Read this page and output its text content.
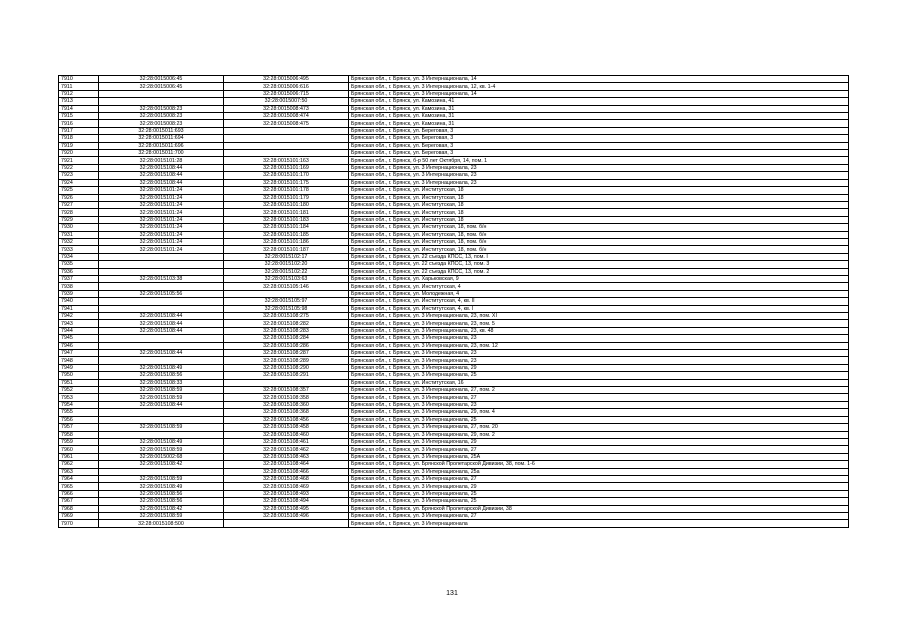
7910	32:28:0015006:45	32:28:0015006:495	Брянская обл., г. Брянск, ул. 3 Интернационала, 14
7911	32:28:0015006:45	32:28:0015006:616	Брянская обл., г. Брянск, ул. 3 Интернационала, 12, кв. 1-4
7912		32:28:0015006:715	Брянская обл., г. Брянск, ул. 3 Интернационала, 14
7913		32:28:0015007:50	Брянская обл., г. Брянск, ул. Камозина, 41
7914	32:28:0015008:23	32:28:0015008:473	Брянская обл., г. Брянск, ул. Камозина, 31
7915	32:28:0015008:23	32:28:0015008:474	Брянская обл., г. Брянск, ул. Камозина, 31
7916	32:28:0015008:23	32:28:0015008:475	Брянская обл., г. Брянск, ул. Камозина, 31
7917	32:28:0015011:693		Брянская обл., г. Брянск, ул. Береговая, 3
7918	32:28:0015011:694		Брянская обл., г. Брянск, ул. Береговая, 3
7919	32:28:0015011:696		Брянская обл., г. Брянск, ул. Береговая, 3
7920	32:28:0015011:700		Брянская обл., г. Брянск, ул. Береговая, 3
7921	32:28:0015101:28	32:28:0015101:163	Брянская обл., г. Брянск, б-р 50 лет Октября, 14, пом. 1
7922	32:28:0015108:44	32:28:0015101:169	Брянская обл., г. Брянск, ул. 3 Интернационала, 23
7923	32:28:0015108:44	32:28:0015101:170	Брянская обл., г. Брянск, ул. 3 Интернационала, 23
7924	32:28:0015108:44	32:28:0015101:175	Брянская обл., г. Брянск, ул. 3 Интернационала, 23
7925	32:28:0015101:24	32:28:0015101:178	Брянская обл., г. Брянск, ул. Институтская, 18
7926	32:28:0015101:24	32:28:0015101:179	Брянская обл., г. Брянск, ул. Институтская, 18
7927	32:28:0015101:24	32:28:0015101:180	Брянская обл., г. Брянск, ул. Институтская, 18
7928	32:28:0015101:24	32:28:0015101:181	Брянская обл., г. Брянск, ул. Институтская, 18
7929	32:28:0015101:24	32:28:0015101:183	Брянская обл., г. Брянск, ул. Институтская, 18
7930	32:28:0015101:24	32:28:0015101:184	Брянская обл., г. Брянск, ул. Институтская, 18, пом. б/н
7931	32:28:0015101:24	32:28:0015101:185	Брянская обл., г. Брянск, ул. Институтская, 18, пом. б/н
7932	32:28:0015101:24	32:28:0015101:186	Брянская обл., г. Брянск, ул. Институтская, 18, пом. б/н
7933	32:28:0015101:24	32:28:0015101:187	Брянская обл., г. Брянск, ул. Институтская, 18, пом. б/н
7934		32:28:0015102:17	Брянская обл., г. Брянск, ул. 22 съезда КПСС, 13, пом. I
7935		32:28:0015102:20	Брянская обл., г. Брянск, ул. 22 съезда КПСС, 13, пом. 3
7936		32:28:0015102:22	Брянская обл., г. Брянск, ул. 22 съезда КПСС, 13, пом. 2
7937	32:28:0015103:38	32:28:0015103:63	Брянская обл., г. Брянск, ул. Харьковская, 9
7938		32:28:0015105:146	Брянская обл., г. Брянск, ул. Институтская, 4
7939	32:28:0015105:56		Брянская обл., г. Брянск, ул. Молодежная, 4
7940		32:28:0015105:97	Брянская обл., г. Брянск, ул. Институтская, 4, кв. II
7941		32:28:0015105:98	Брянская обл., г. Брянск, ул. Институтская, 4, кв. I
7942	32:28:0015108:44	32:28:0015108:275	Брянская обл., г. Брянск, ул. 3 Интернационала, 23, пом. XI
7943	32:28:0015108:44	32:28:0015108:282	Брянская обл., г. Брянск, ул. 3 Интернационала, 23, пом. 5
7944	32:28:0015108:44	32:28:0015108:283	Брянская обл., г. Брянск, ул. 3 Интернационала, 23, кв. 48
7945		32:28:0015108:284	Брянская обл., г. Брянск, ул. 3 Интернационала, 23
7946		32:28:0015108:286	Брянская обл., г. Брянск, ул. 3 Интернационала, 23, пом. 12
7947	32:28:0015108:44	32:28:0015108:287	Брянская обл., г. Брянск, ул. 3 Интернационала, 23
7948		32:28:0015108:289	Брянская обл., г. Брянск, ул. 3 Интернационала, 23
7949	32:28:0015108:49	32:28:0015108:290	Брянская обл., г. Брянск, ул. 3 Интернационала, 29
7950	32:28:0015108:56	32:28:0015108:291	Брянская обл., г. Брянск, ул. 3 Интернационала, 25
7951	32:28:0015108:33		Брянская обл., г. Брянск, ул. Институтская, 16
7952	32:28:0015108:59	32:28:0015108:357	Брянская обл., г. Брянск, ул. 3 Интернационала, 27, пом. 2
7953	32:28:0015108:59	32:28:0015108:358	Брянская обл., г. Брянск, ул. 3 Интернационала, 27
7954	32:28:0015108:44	32:28:0015108:360	Брянская обл., г. Брянск, ул. 3 Интернационала, 23
7955		32:28:0015108:368	Брянская обл., г. Брянск, ул. 3 Интернационала, 29, пом. 4
7956		32:28:0015108:456	Брянская обл., г. Брянск, ул. 3 Интернационала, 25
7957	32:28:0015108:59	32:28:0015108:458	Брянская обл., г. Брянск, ул. 3 Интернационала, 27, пом. 20
7958		32:28:0015108:460	Брянская обл., г. Брянск, ул. 3 Интернационала, 29, пом. 2
7959	32:28:0015108:49	32:28:0015108:461	Брянская обл., г. Брянск, ул. 3 Интернационала, 29
7960	32:28:0015108:59	32:28:0015108:462	Брянская обл., г. Брянск, ул. 3 Интернационала, 27
7961	32:28:0015002:68	32:28:0015108:463	Брянская обл., г. Брянск, ул. 3 Интернационала, 25А
7962	32:28:0015108:42	32:28:0015108:464	Брянская обл., г. Брянск, ул. Брянской Пролетарской Дивизии, 38, пом. 1-6
7963		32:28:0015108:466	Брянская обл., г. Брянск, ул. 3 Интернационала, 25а
7964	32:28:0015108:59	32:28:0015108:468	Брянская обл., г. Брянск, ул. 3 Интернационала, 27
7965	32:28:0015108:49	32:28:0015108:469	Брянская обл., г. Брянск, ул. 3 Интернационала, 29
7966	32:28:0015108:56	32:28:0015108:493	Брянская обл., г. Брянск, ул. 3 Интернационала, 25
7967	32:28:0015108:56	32:28:0015108:494	Брянская обл., г. Брянск, ул. 3 Интернационала, 25
7968	32:28:0015108:42	32:28:0015108:495	Брянская обл., г. Брянск, ул. Брянской Пролетарской Дивизии, 38
7969	32:28:0015108:59	32:28:0015108:496	Брянская обл., г. Брянск, ул. 3 Интернационала, 27
7970	32:28:0015108:500		Брянская обл., г. Брянск, ул. 3 Интернационала
131
